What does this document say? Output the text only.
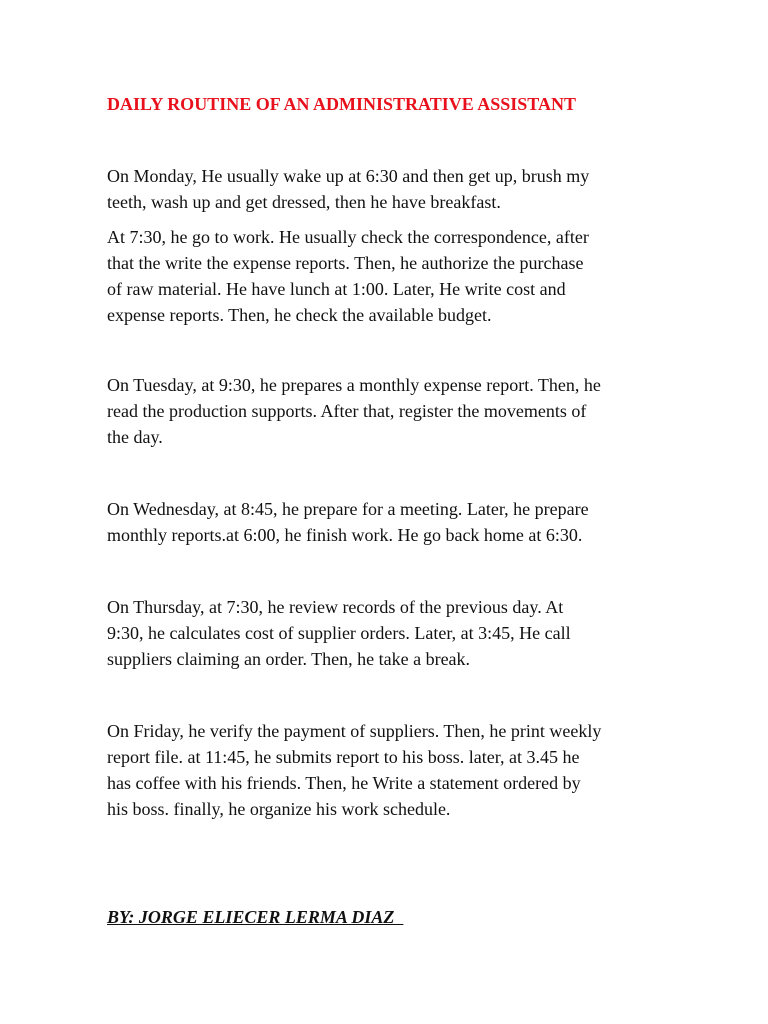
DAILY ROUTINE OF AN ADMINISTRATIVE ASSISTANT

On Monday, He usually wake up at 6:30 and then get up, brush my
teeth, wash up and get dressed, then he have breakfast.

At 7:30, he go to work. He usually check the correspondence, after
that the write the expense reports. Then, he authorize the purchase
of raw material. He have lunch at 1:00. Later, He write cost and
expense reports. Then, he check the available budget.

On Tuesday, at 9:30, he prepares a monthly expense report. Then, he
read the production supports. After that, register the movements of
the day.

On Wednesday, at 8:45, he prepare for a meeting. Later, he prepare
monthly reports.at 6:00, he finish work. He go back home at 6:30.

On Thursday, at 7:30, he review records of the previous day. At
9:30, he calculates cost of supplier orders. Later, at 3:45, He call
suppliers claiming an order. Then, he take a break.

On Friday, he verify the payment of suppliers. Then, he print weekly
report file. at 11:45, he submits report to his boss. later, at 3.45 he
has coffee with his friends. Then, he Write a statement ordered by
his boss. finally, he organize his work schedule.

BY: JORGE ELIECER LERMA DIAZ
